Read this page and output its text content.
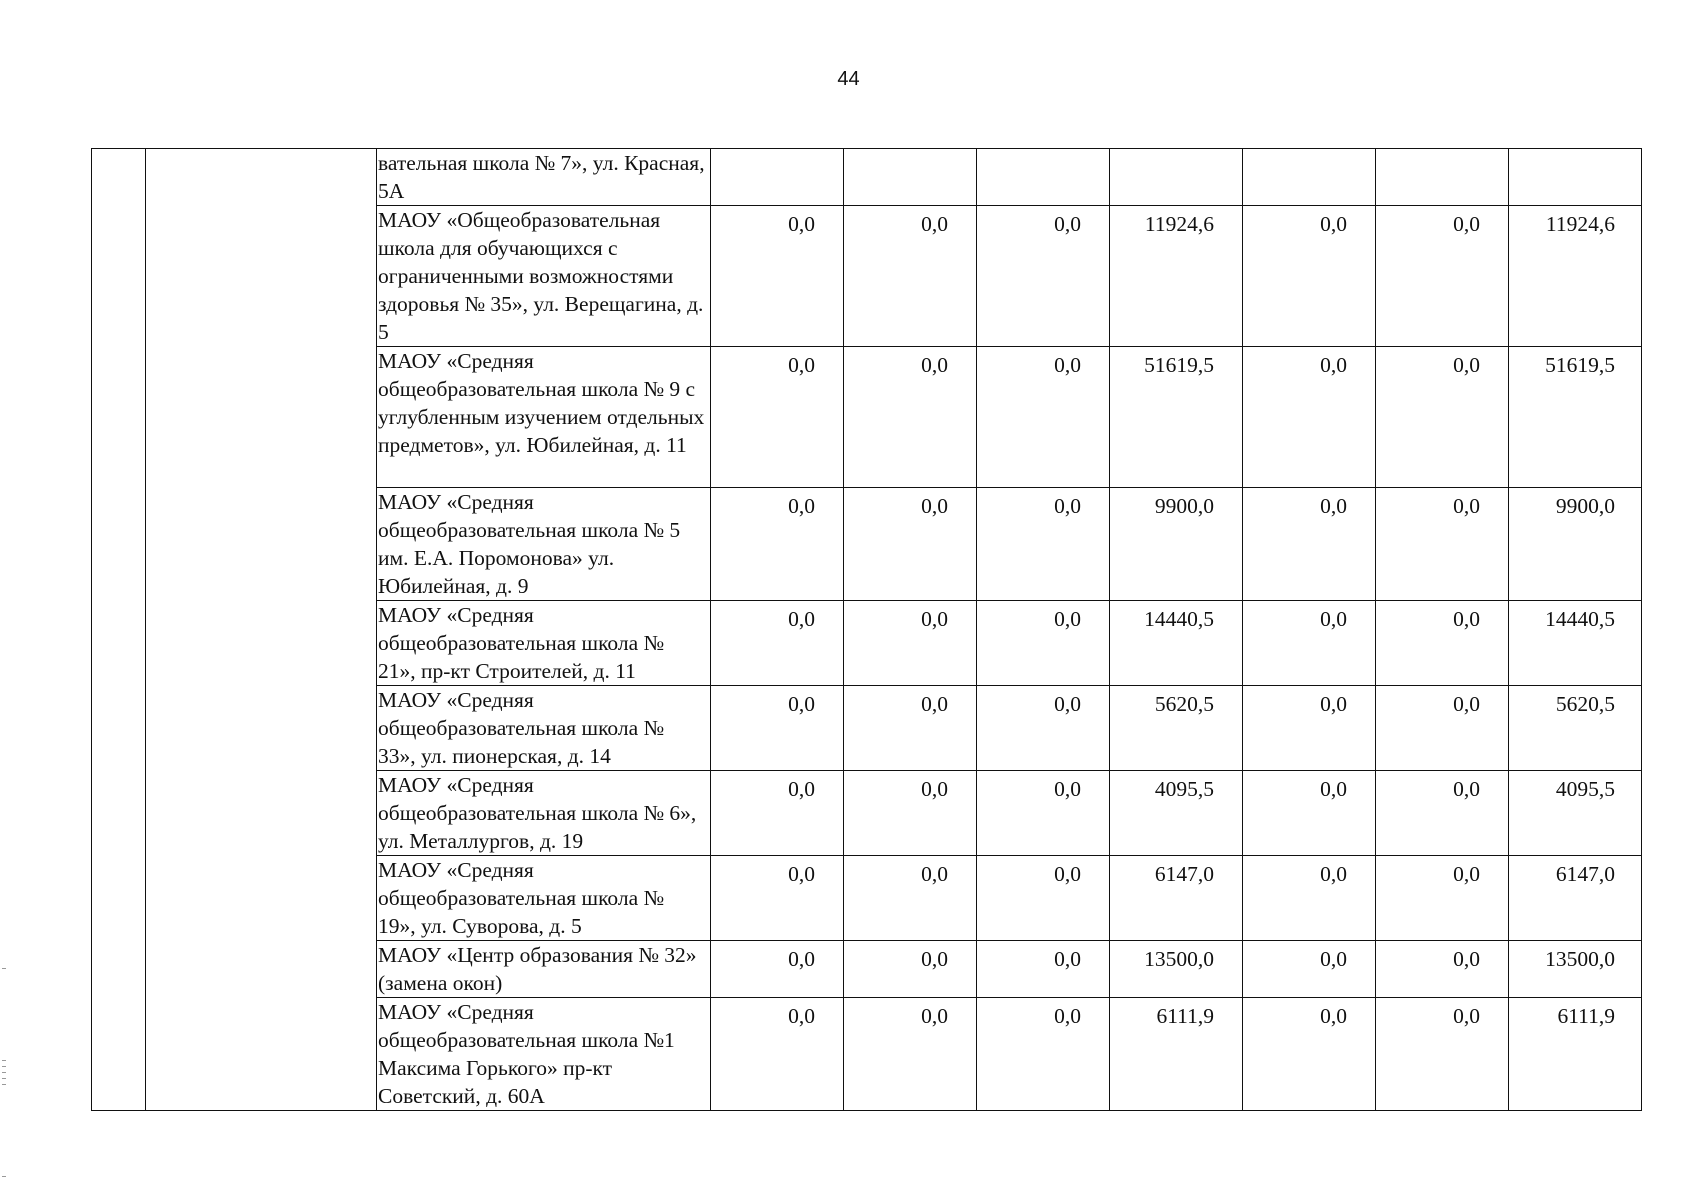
44

		вательная школа № 7», ул. Красная, 5А							

		МАОУ «Общеобразовательная школа для обучающихся с ограниченными возможностями здоровья № 35», ул. Верещагина, д. 5	0,0	0,0	0,0	11924,6	0,0	0,0	11924,6

		МАОУ «Средняя общеобразовательная школа № 9 с углубленным изучением отдельных предметов», ул. Юбилейная, д. 11	0,0	0,0	0,0	51619,5	0,0	0,0	51619,5

		МАОУ «Средняя общеобразовательная школа № 5 им. Е.А. Поромонова» ул. Юбилейная, д. 9	0,0	0,0	0,0	9900,0	0,0	0,0	9900,0

		МАОУ «Средняя общеобразовательная школа № 21», пр-кт Строителей, д. 11	0,0	0,0	0,0	14440,5	0,0	0,0	14440,5

		МАОУ «Средняя общеобразовательная школа № 33», ул. пионерская, д. 14	0,0	0,0	0,0	5620,5	0,0	0,0	5620,5

		МАОУ «Средняя общеобразовательная школа № 6», ул. Металлургов, д. 19	0,0	0,0	0,0	4095,5	0,0	0,0	4095,5

		МАОУ «Средняя общеобразовательная школа № 19», ул. Суворова, д. 5	0,0	0,0	0,0	6147,0	0,0	0,0	6147,0

		МАОУ «Центр образования № 32» (замена окон)	0,0	0,0	0,0	13500,0	0,0	0,0	13500,0

		МАОУ «Средняя общеобразовательная школа №1 Максима Горького» пр-кт Советский, д. 60А	0,0	0,0	0,0	6111,9	0,0	0,0	6111,9
